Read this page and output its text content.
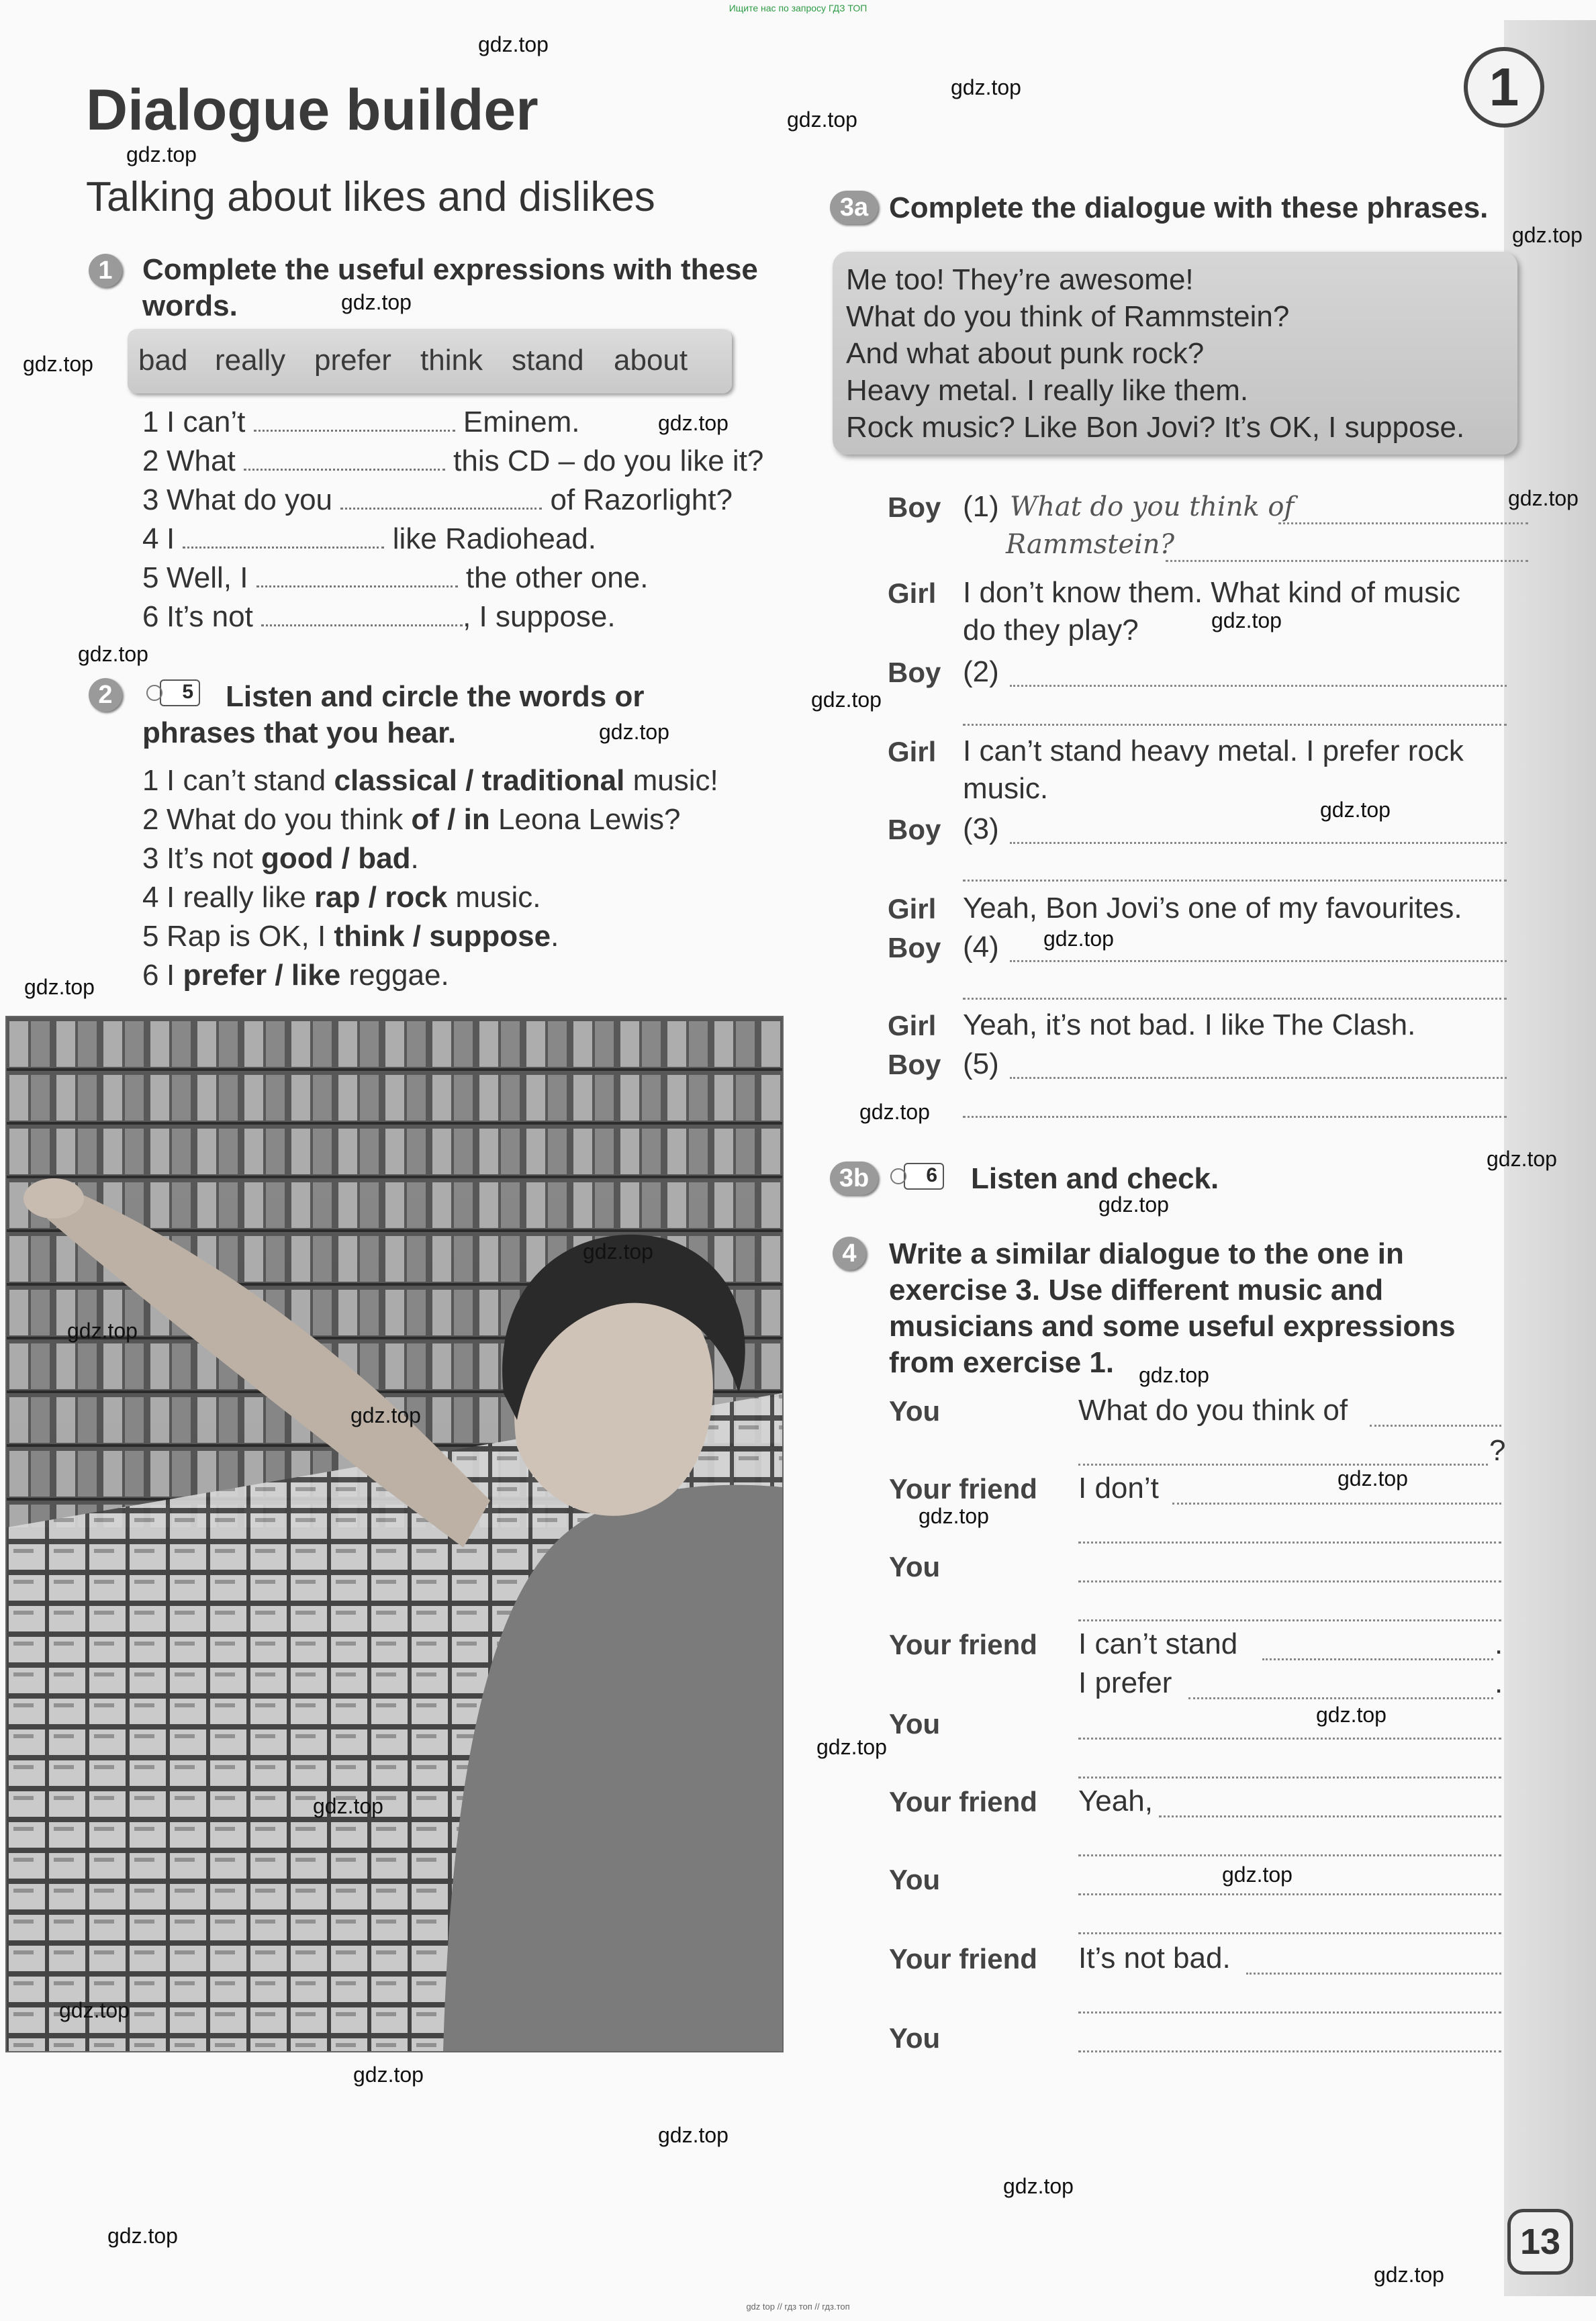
Ищите нас по запросу ГДЗ ТОП
Dialogue builder
Talking about likes and dislikes
1
1	Complete the useful expressions with these
words.
bad really prefer think stand about
1 I can’t	Eminem.
2 What	this CD – do you like it?
3 What do you	of Razorlight?
4 I	like Radiohead.
5 Well, I	the other one.
6 It’s not	, I suppose.
2	5 Listen and circle the words or
phrases that you hear.
1 I can’t stand classical / traditional music!
2 What do you think of / in Leona Lewis?
3 It’s not good / bad.
4 I really like rap / rock music.
5 Rap is OK, I think / suppose.
6 I prefer / like reggae.
3a Complete the dialogue with these phrases.
Me too! They’re awesome!
What do you think of Rammstein?
And what about punk rock?
Heavy metal. I really like them.
Rock music? Like Bon Jovi? It’s OK, I suppose.
Boy (1) What do you think of
Rammstein?
Girl I don’t know them. What kind of music
do they play?
Boy (2)
Girl I can’t stand heavy metal. I prefer rock
music.
Boy (3)
Girl Yeah, Bon Jovi’s one of my favourites.
Boy (4)
Girl Yeah, it’s not bad. I like The Clash.
Boy (5)
3b	6 Listen and check.
4	Write a similar dialogue to the one in
exercise 3. Use different music and
musicians and some useful expressions
from exercise 1.
You	What do you think of
?
Your friend I don’t
You
Your friend I can’t stand	.
I prefer	.
You
Your friend Yeah,
You
Your friend It’s not bad.
You
13
gdz.top
gdz.top
gdz.top
gdz.top
gdz.top
gdz.top
gdz.top
gdz.top
gdz.top
gdz.top
gdz.top
gdz.top
gdz.top
gdz.top
gdz.top
gdz.top
gdz.top
gdz.top
gdz.top
gdz.top
gdz.top
gdz.top
gdz.top
gdz.top
gdz.top
gdz.top
gdz.top
gdz.top
gdz.top
gdz.top
gdz.top
gdz.top
gdz.top
gdz.top
gdz.top
gdz top // гдз топ // гдз.топ
